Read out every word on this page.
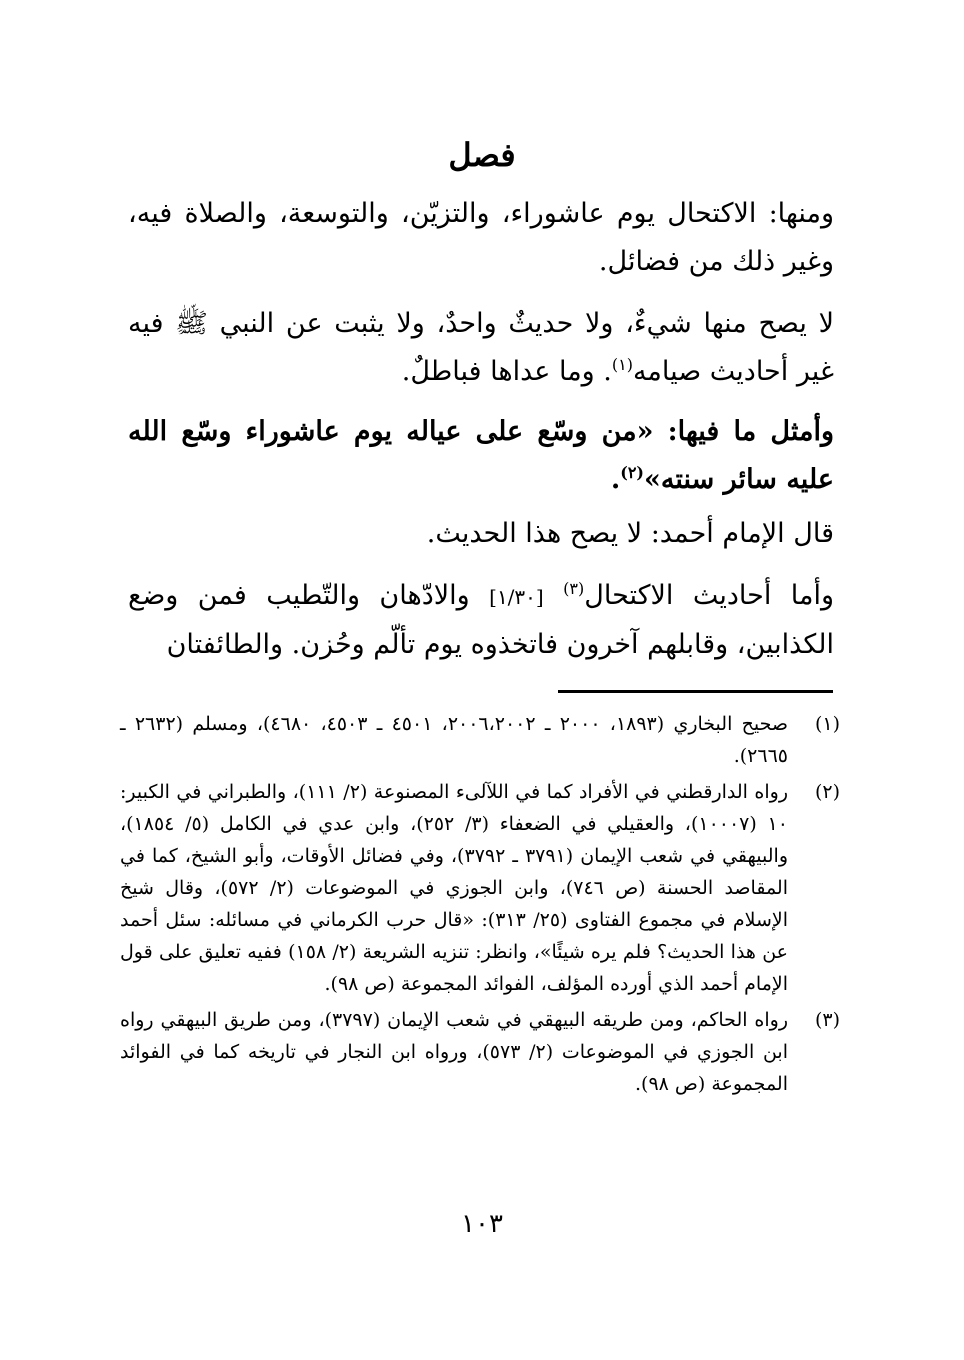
فصل
ومنها: الاكتحال يوم عاشوراء، والتزيّن، والتوسعة، والصلاة فيه، وغير ذلك من فضائل.
لا يصح منها شيءٌ، ولا حديثٌ واحدٌ، ولا يثبت عن النبي ﷺ فيه غير أحاديث صيامه$^{(١)}$. وما عداها فباطلٌ.
وأمثل ما فيها: «من وسّع على عياله يوم عاشوراء وسّع الله عليه سائر سنته»$^{(٢)}$.
قال الإمام أحمد: لا يصح هذا الحديث.
وأما أحاديث الاكتحال$^{(٣)}$ [١/٣٠] والادّهان والتّطيب فمن وضع الكذابين، وقابلهم آخرون فاتخذوه يوم تألّم وحُزن. والطائفتان
(١)
صحيح البخاري (١٨٩٣، ٢٠٠٠ ـ ٢٠٠٦،٢٠٠٢، ٤٥٠١ ـ ٤٥٠٣، ٤٦٨٠)، ومسلم (٢٦٣٢ ـ ٢٦٦٥).
(٢)
رواه الدارقطني في الأفراد كما في اللآلىء المصنوعة (٢/ ١١١)، والطبراني في الكبير: ١٠ (١٠٠٠٧)، والعقيلي في الضعفاء (٣/ ٢٥٢)، وابن عدي في الكامل (٥/ ١٨٥٤)، والبيهقي في شعب الإيمان (٣٧٩١ ـ ٣٧٩٢)، وفي فضائل الأوقات، وأبو الشيخ، كما في المقاصد الحسنة (ص ٧٤٦)، وابن الجوزي في الموضوعات (٢/ ٥٧٢)، وقال شيخ الإسلام في مجموع الفتاوى (٢٥/ ٣١٣): «قال حرب الكرماني في مسائله: سئل أحمد عن هذا الحديث؟ فلم يره شيئًا»، وانظر: تنزيه الشريعة (٢/ ١٥٨) ففيه تعليق على قول الإمام أحمد الذي أورده المؤلف، الفوائد المجموعة (ص ٩٨).
(٣)
رواه الحاكم، ومن طريقه البيهقي في شعب الإيمان (٣٧٩٧)، ومن طريق البيهقي رواه ابن الجوزي في الموضوعات (٢/ ٥٧٣)، ورواه ابن النجار في تاريخه كما في الفوائد المجموعة (ص ٩٨).
١٠٣
